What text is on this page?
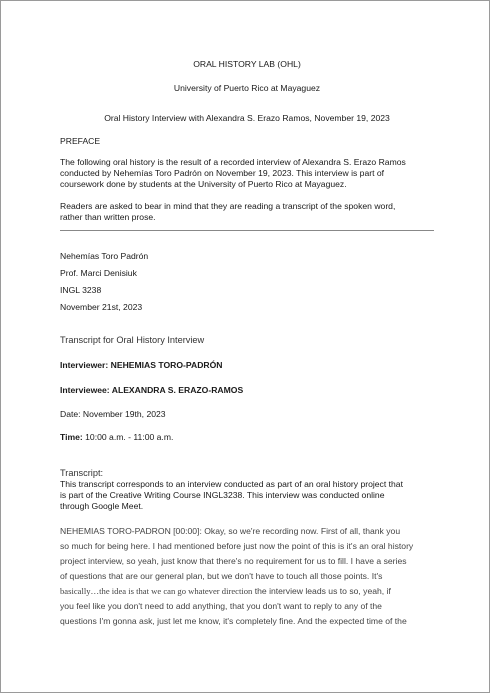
ORAL HISTORY LAB (OHL)
University of Puerto Rico at Mayaguez
Oral History Interview with Alexandra S. Erazo Ramos, November 19, 2023
PREFACE
The following oral history is the result of a recorded interview of Alexandra S. Erazo Ramos
conducted by Nehemías Toro Padrón on November 19, 2023. This interview is part of
coursework done by students at the University of Puerto Rico at Mayaguez.
Readers are asked to bear in mind that they are reading a transcript of the spoken word,
rather than written prose.
Nehemías Toro Padrón
Prof. Marci Denisiuk
INGL 3238
November 21st, 2023
Transcript for Oral History Interview
Interviewer: NEHEMIAS TORO-PADRÓN
Interviewee: ALEXANDRA S. ERAZO-RAMOS
Date: November 19th, 2023
Time: 10:00 a.m. - 11:00 a.m.
Transcript:
This transcript corresponds to an interview conducted as part of an oral history project that
is part of the Creative Writing Course INGL3238. This interview was conducted online
through Google Meet.
NEHEMIAS TORO-PADRON [00:00]: Okay, so we're recording now. First of all, thank you
so much for being here. I had mentioned before just now the point of this is it's an oral history
project interview, so yeah, just know that there's no requirement for us to fill. I have a series
of questions that are our general plan, but we don't have to touch all those points. It's
basically…the idea is that we can go whatever direction the interview leads us to so, yeah, if
you feel like you don't need to add anything, that you don't want to reply to any of the
questions I'm gonna ask, just let me know, it's completely fine. And the expected time of the
